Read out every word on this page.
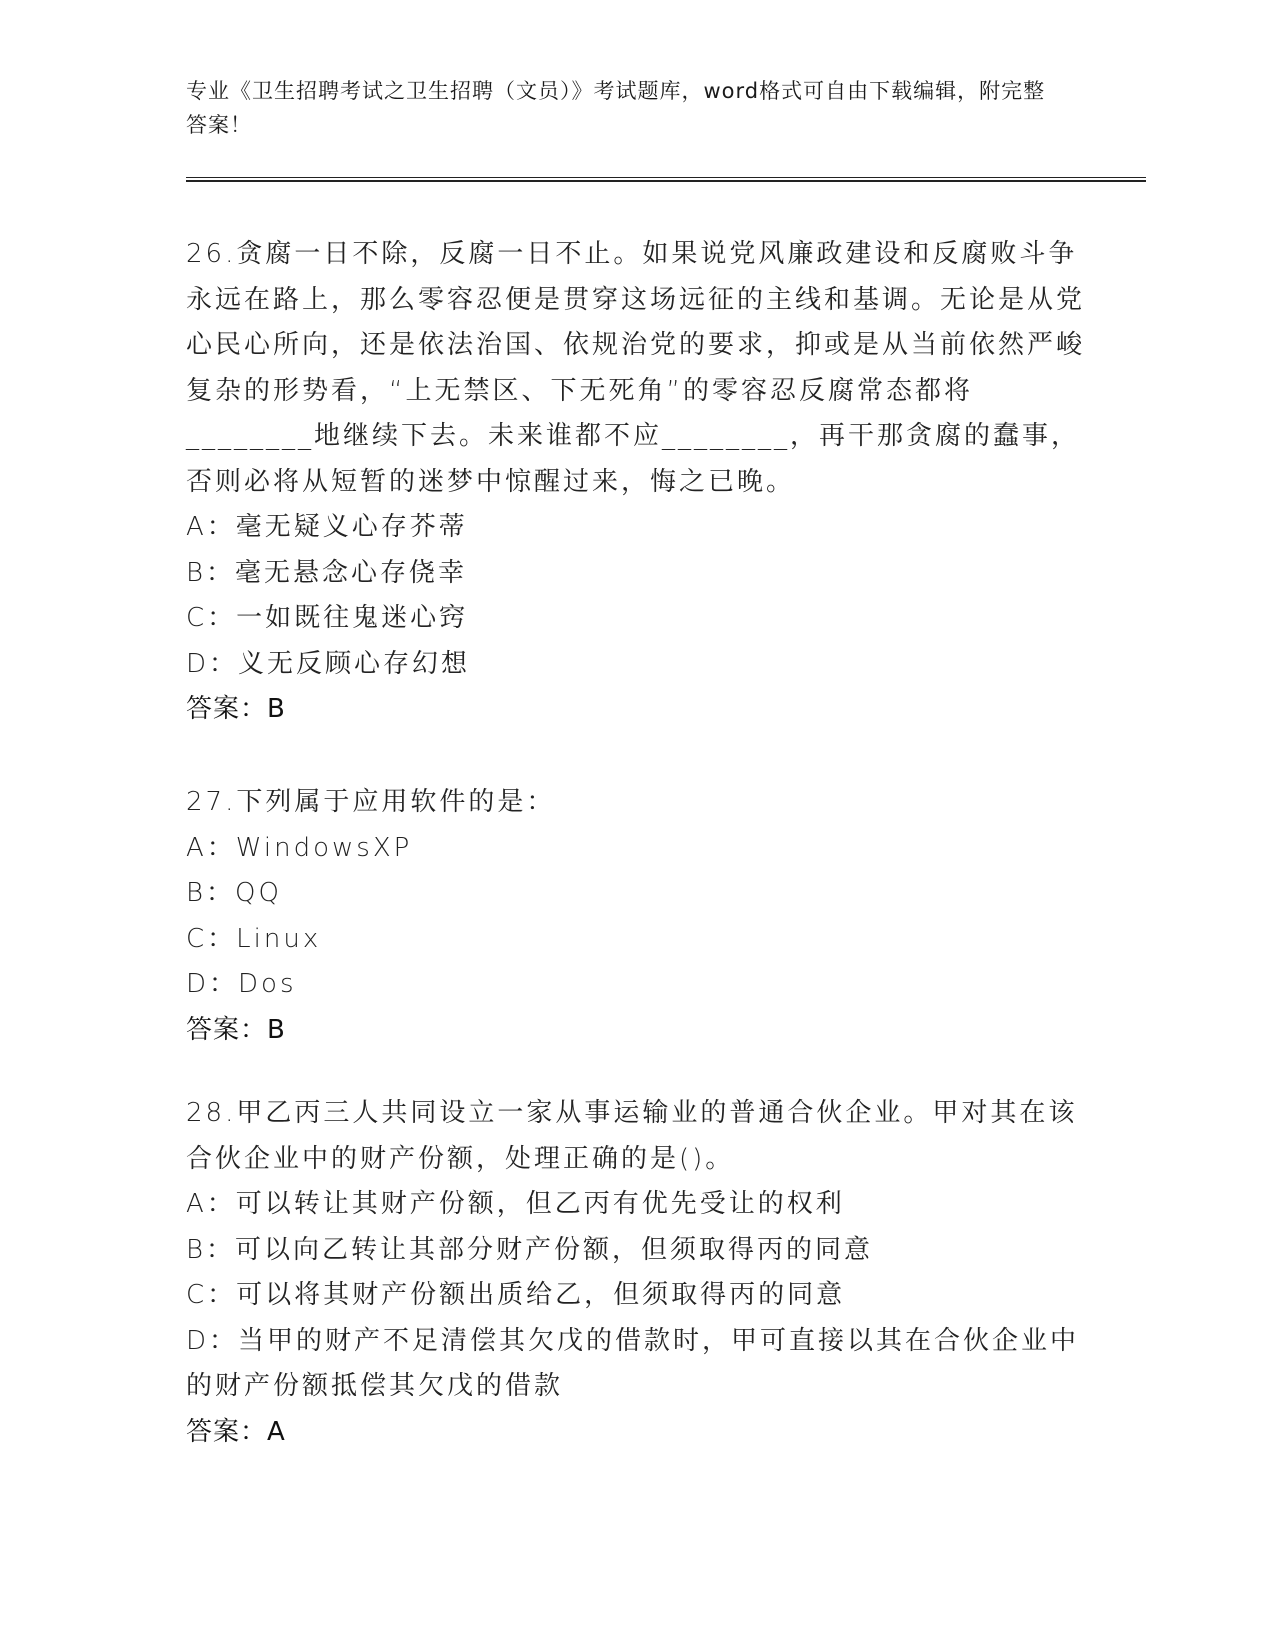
专业《卫生招聘考试之卫生招聘（文员）》考试题库，word格式可自由下载编辑，附完整答案！
26.贪腐一日不除，反腐一日不止。如果说党风廉政建设和反腐败斗争永远在路上，那么零容忍便是贯穿这场远征的主线和基调。无论是从党心民心所向，还是依法治国、依规治党的要求，抑或是从当前依然严峻复杂的形势看，“上无禁区、下无死角”的零容忍反腐常态都将________地继续下去。未来谁都不应________，再干那贪腐的蠢事，否则必将从短暂的迷梦中惊醒过来，悔之已晚。
A：毫无疑义心存芥蒂
B：毫无悬念心存侥幸
C：一如既往鬼迷心窍
D：义无反顾心存幻想
答案：B
27.下列属于应用软件的是：
A：WindowsXP
B：QQ
C：Linux
D：Dos
答案：B
28.甲乙丙三人共同设立一家从事运输业的普通合伙企业。甲对其在该合伙企业中的财产份额，处理正确的是()。
A：可以转让其财产份额，但乙丙有优先受让的权利
B：可以向乙转让其部分财产份额，但须取得丙的同意
C：可以将其财产份额出质给乙，但须取得丙的同意
D：当甲的财产不足清偿其欠戊的借款时，甲可直接以其在合伙企业中的财产份额抵偿其欠戊的借款
答案：A
